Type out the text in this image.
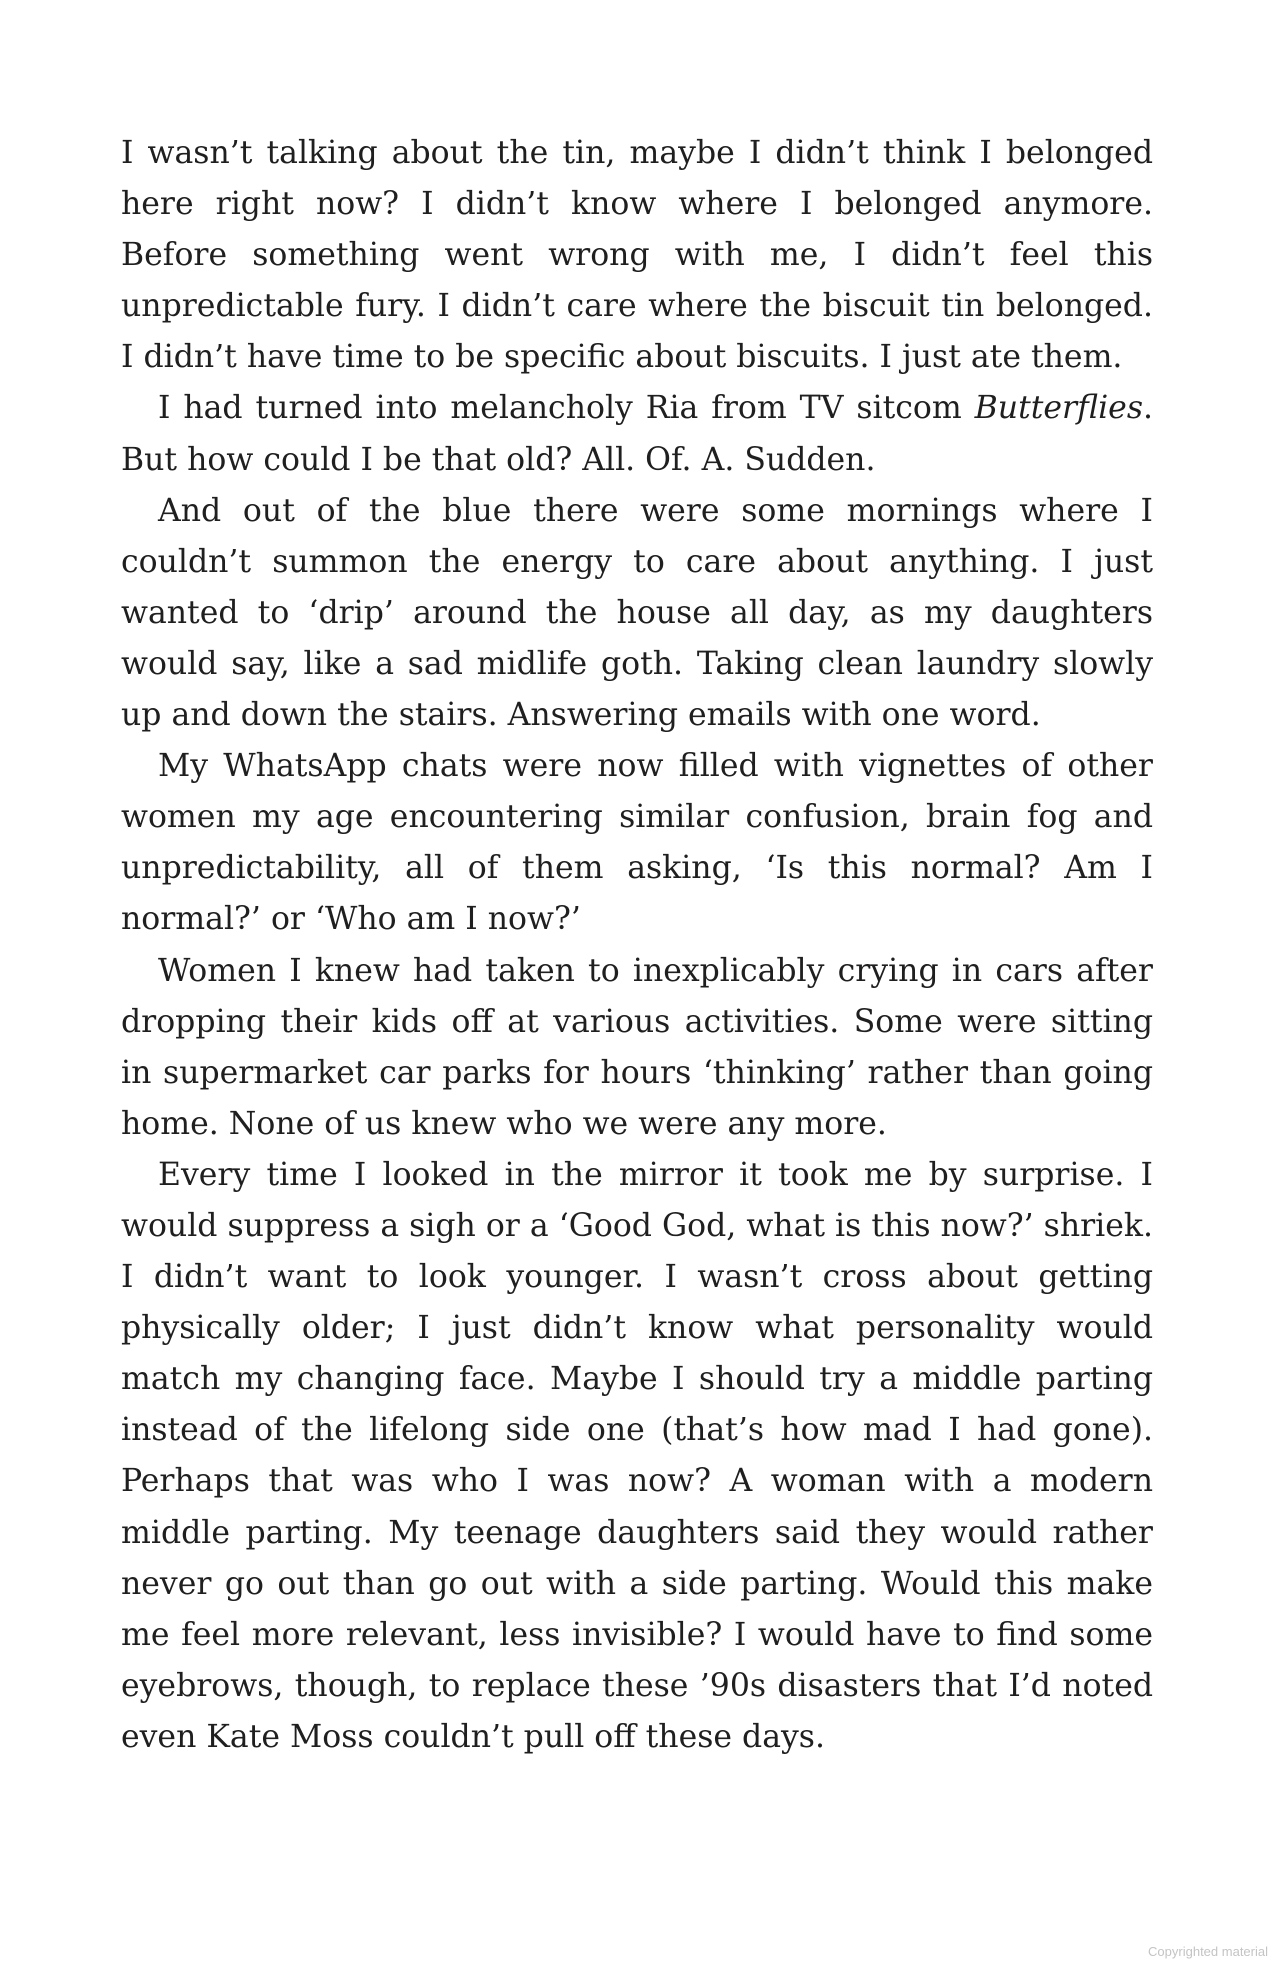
I wasn’t talking about the tin, maybe I didn’t think I belonged here right now? I didn’t know where I belonged anymore. Before something went wrong with me, I didn’t feel this unpredictable fury. I didn’t care where the biscuit tin belonged. I didn’t have time to be specific about biscuits. I just ate them.

I had turned into melancholy Ria from TV sitcom Butterflies. But how could I be that old? All. Of. A. Sudden.

And out of the blue there were some mornings where I couldn’t summon the energy to care about anything. I just wanted to ‘drip’ around the house all day, as my daughters would say, like a sad midlife goth. Taking clean laundry slowly up and down the stairs. Answering emails with one word.

My WhatsApp chats were now filled with vignettes of other women my age encountering similar confusion, brain fog and unpredictability, all of them asking, ‘Is this normal? Am I normal?’ or ‘Who am I now?’

Women I knew had taken to inexplicably crying in cars after dropping their kids off at various activities. Some were sitting in supermarket car parks for hours ‘thinking’ rather than going home. None of us knew who we were any more.

Every time I looked in the mirror it took me by surprise. I would suppress a sigh or a ‘Good God, what is this now?’ shriek. I didn’t want to look younger. I wasn’t cross about getting physically older; I just didn’t know what personality would match my changing face. Maybe I should try a middle parting instead of the lifelong side one (that’s how mad I had gone). Perhaps that was who I was now? A woman with a modern middle parting. My teenage daughters said they would rather never go out than go out with a side parting. Would this make me feel more relevant, less invisible? I would have to find some eyebrows, though, to replace these ’90s disasters that I’d noted even Kate Moss couldn’t pull off these days.

Copyrighted material
